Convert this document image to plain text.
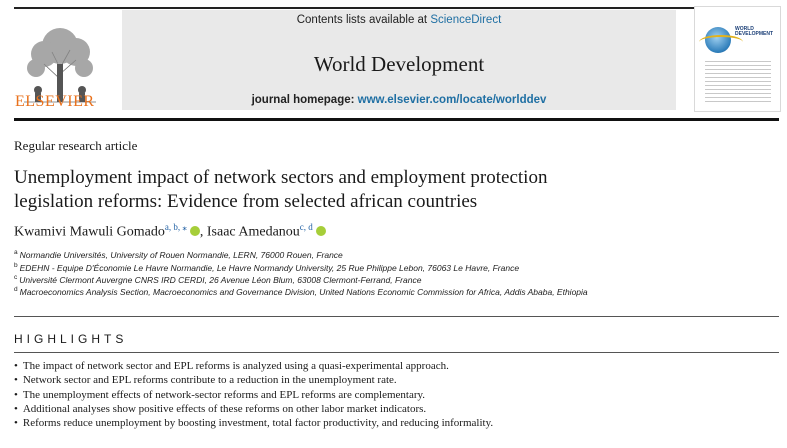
ELSEVIER
Contents lists available at ScienceDirect
World Development
journal homepage: www.elsevier.com/locate/worlddev
WORLD DEVELOPMENT
Regular research article
Unemployment impact of network sectors and employment protection
legislation reforms: Evidence from selected african countries
Kwamivi Mawuli Gomado$^{a, b, ⁎}$ , Isaac Amedanou$^{c, d}$
$^a$ Normandie Universités, University of Rouen Normandie, LERN, 76000 Rouen, France
$^b$ EDEHN - Equipe D'Économie Le Havre Normandie, Le Havre Normandy University, 25 Rue Philippe Lebon, 76063 Le Havre, France
$^c$ Université Clermont Auvergne CNRS IRD CERDI, 26 Avenue Léon Blum, 63008 Clermont-Ferrand, France
$^d$ Macroeconomics Analysis Section, Macroeconomics and Governance Division, United Nations Economic Commission for Africa, Addis Ababa, Ethiopia
HIGHLIGHTS
• The impact of network sector and EPL reforms is analyzed using a quasi-experimental approach.
• Network sector and EPL reforms contribute to a reduction in the unemployment rate.
• The unemployment effects of network-sector reforms and EPL reforms are complementary.
• Additional analyses show positive effects of these reforms on other labor market indicators.
• Reforms reduce unemployment by boosting investment, total factor productivity, and reducing informality.
